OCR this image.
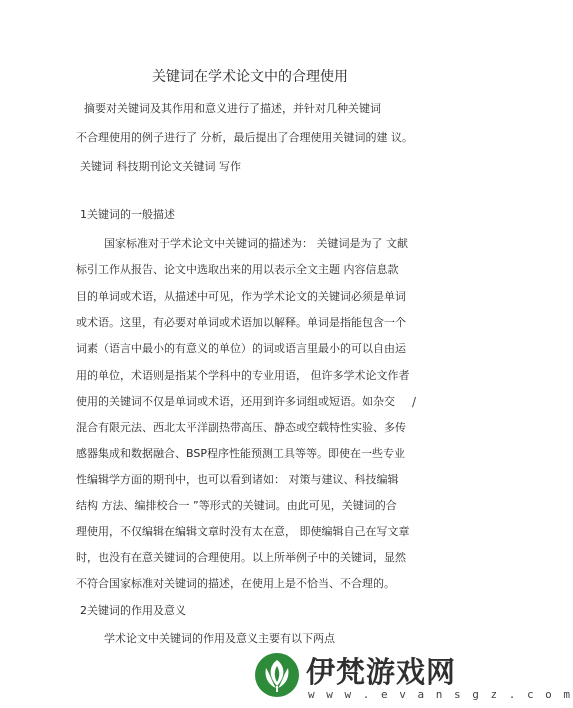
关键词在学术论文中的合理使用
摘要对关键词及其作用和意义进行了描述，并针对几种关键词
不合理使用的例子进行了 分析，最后提出了合理使用关键词的建 议。
关键词 科技期刊论文关键词 写作
1关键词的一般描述
国家标准对于学术论文中关键词的描述为： 关键词是为了 文献
标引工作从报告、论文中选取出来的用以表示全文主题 内容信息款
目的单词或术语，从描述中可见，作为学术论文的关键词必须是单词
或术语。这里，有必要对单词或术语加以解释。单词是指能包含一个
词素（语言中最小的有意义的单位）的词或语言里最小的可以自由运
用的单位，术语则是指某个学科中的专业用语， 但许多学术论文作者
使用的关键词不仅是单词或术语，还用到许多词组或短语。如杂交
混合有限元法、西北太平洋副热带高压、静态或空载特性实验、多传
感器集成和数据融合、BSP程序性能预测工具等等。即使在一些专业
性编辑学方面的期刊中，也可以看到诸如： 对策与建议、科技编辑
结构 方法、编排校合一 ”等形式的关键词。由此可见，关键词的合
理使用，不仅编辑在编辑文章时没有太在意， 即使编辑自己在写文章
时，也没有在意关键词的合理使用。以上所举例子中的关键词，显然
不符合国家标准对关键词的描述，在使用上是不恰当、不合理的。
2关键词的作用及意义
学术论文中关键词的作用及意义主要有以下两点
/
伊梵游戏网
w w w . e v a n s g z . c o m
